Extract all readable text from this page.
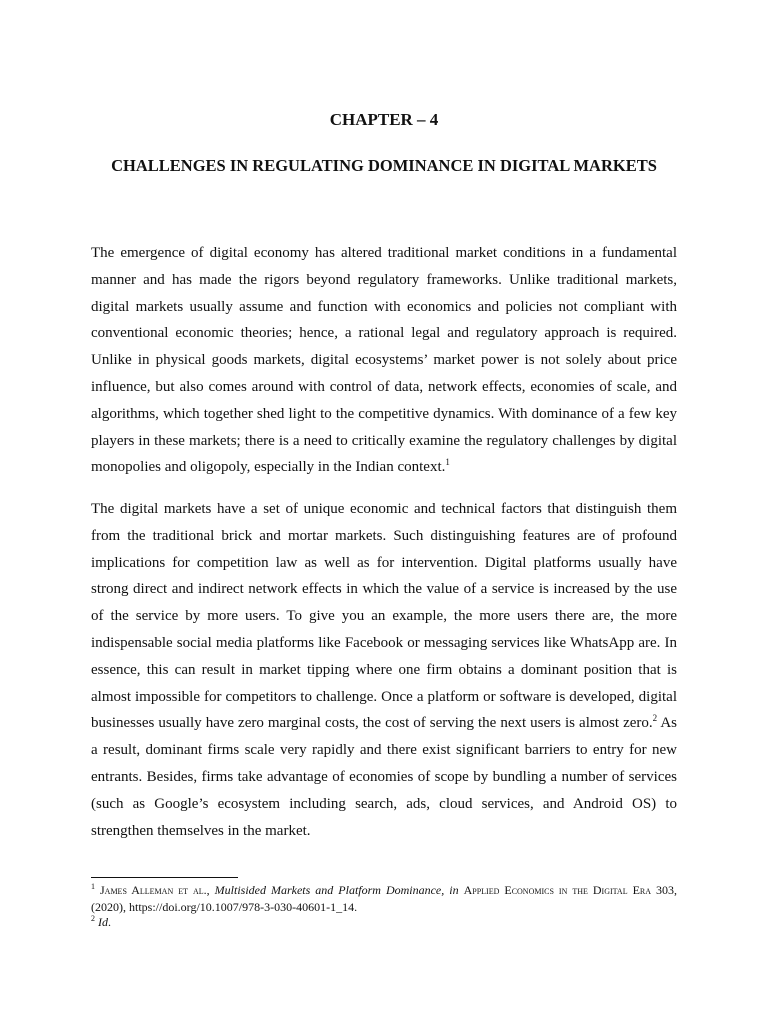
CHAPTER – 4
CHALLENGES IN REGULATING DOMINANCE IN DIGITAL MARKETS

The emergence of digital economy has altered traditional market conditions in a fundamental manner and has made the rigors beyond regulatory frameworks. Unlike traditional markets, digital markets usually assume and function with economics and policies not compliant with conventional economic theories; hence, a rational legal and regulatory approach is required. Unlike in physical goods markets, digital ecosystems’ market power is not solely about price influence, but also comes around with control of data, network effects, economies of scale, and algorithms, which together shed light to the competitive dynamics. With dominance of a few key players in these markets; there is a need to critically examine the regulatory challenges by digital monopolies and oligopoly, especially in the Indian context.$^1$

The digital markets have a set of unique economic and technical factors that distinguish them from the traditional brick and mortar markets. Such distinguishing features are of profound implications for competition law as well as for intervention. Digital platforms usually have strong direct and indirect network effects in which the value of a service is increased by the use of the service by more users. To give you an example, the more users there are, the more indispensable social media platforms like Facebook or messaging services like WhatsApp are. In essence, this can result in market tipping where one firm obtains a dominant position that is almost impossible for competitors to challenge. Once a platform or software is developed, digital businesses usually have zero marginal costs, the cost of serving the next users is almost zero.$^2$ As a result, dominant firms scale very rapidly and there exist significant barriers to entry for new entrants. Besides, firms take advantage of economies of scope by bundling a number of services (such as Google’s ecosystem including search, ads, cloud services, and Android OS) to strengthen themselves in the market.

$^1$ James Alleman et al., Multisided Markets and Platform Dominance, in Applied Economics in the Digital Era 303, (2020), https://doi.org/10.1007/978-3-030-40601-1_14.

$^2$ Id.
